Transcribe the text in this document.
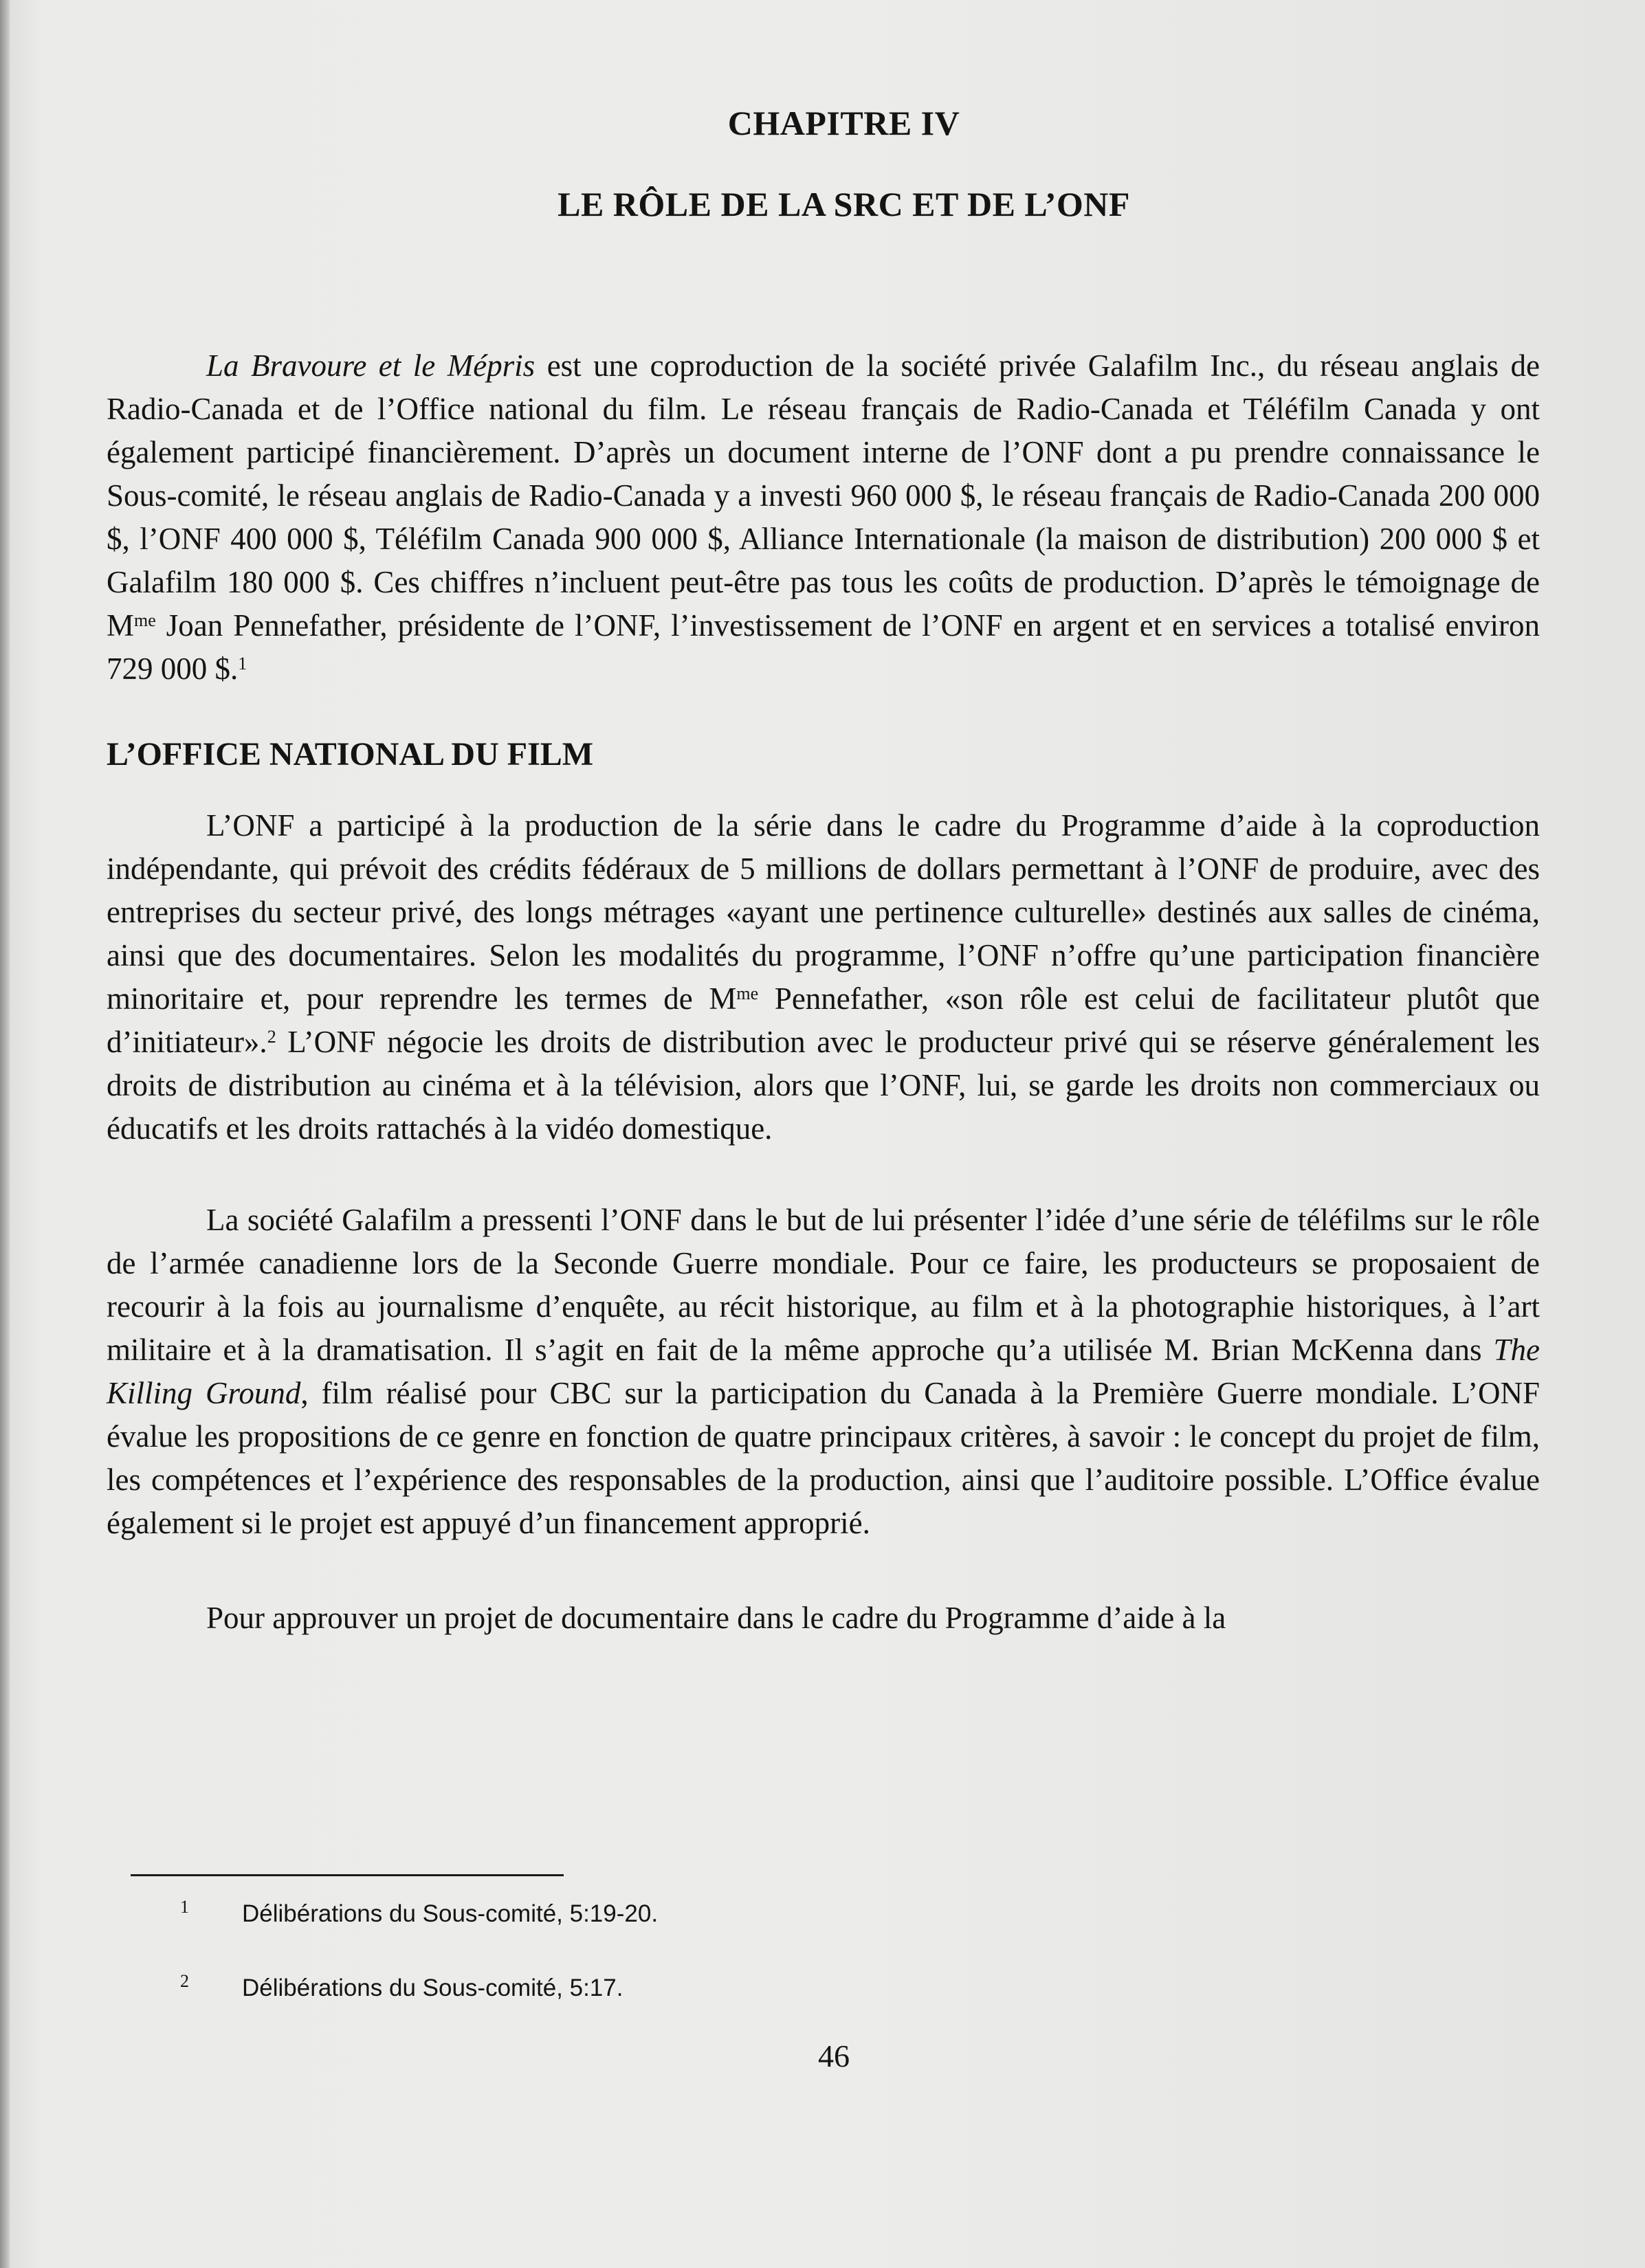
CHAPITRE IV
LE RÔLE DE LA SRC ET DE L’ONF

La Bravoure et le Mépris est une coproduction de la société privée Galafilm Inc., du réseau anglais de Radio-Canada et de l’Office national du film. Le réseau français de Radio-Canada et Téléfilm Canada y ont également participé financièrement. D’après un document interne de l’ONF dont a pu prendre connaissance le Sous-comité, le réseau anglais de Radio-Canada y a investi 960 000 $, le réseau français de Radio-Canada 200 000 $, l’ONF 400 000 $, Téléfilm Canada 900 000 $, Alliance Internationale (la maison de distribution) 200 000 $ et Galafilm 180 000 $. Ces chiffres n’incluent peut-être pas tous les coûts de production. D’après le témoignage de $M^{me}$ Joan Pennefather, présidente de l’ONF, l’investissement de l’ONF en argent et en services a totalisé environ 729 000 $.$^1$

L’OFFICE NATIONAL DU FILM

L’ONF a participé à la production de la série dans le cadre du Programme d’aide à la coproduction indépendante, qui prévoit des crédits fédéraux de 5 millions de dollars permettant à l’ONF de produire, avec des entreprises du secteur privé, des longs métrages «ayant une pertinence culturelle» destinés aux salles de cinéma, ainsi que des documentaires. Selon les modalités du programme, l’ONF n’offre qu’une participation financière minoritaire et, pour reprendre les termes de $M^{me}$ Pennefather, «son rôle est celui de facilitateur plutôt que d’initiateur».$^2$ L’ONF négocie les droits de distribution avec le producteur privé qui se réserve généralement les droits de distribution au cinéma et à la télévision, alors que l’ONF, lui, se garde les droits non commerciaux ou éducatifs et les droits rattachés à la vidéo domestique.

La société Galafilm a pressenti l’ONF dans le but de lui présenter l’idée d’une série de téléfilms sur le rôle de l’armée canadienne lors de la Seconde Guerre mondiale. Pour ce faire, les producteurs se proposaient de recourir à la fois au journalisme d’enquête, au récit historique, au film et à la photographie historiques, à l’art militaire et à la dramatisation. Il s’agit en fait de la même approche qu’a utilisée M. Brian McKenna dans The Killing Ground, film réalisé pour CBC sur la participation du Canada à la Première Guerre mondiale. L’ONF évalue les propositions de ce genre en fonction de quatre principaux critères, à savoir : le concept du projet de film, les compétences et l’expérience des responsables de la production, ainsi que l’auditoire possible. L’Office évalue également si le projet est appuyé d’un financement approprié.

Pour approuver un projet de documentaire dans le cadre du Programme d’aide à la

1 Délibérations du Sous-comité, 5:19-20.
2 Délibérations du Sous-comité, 5:17.
46
